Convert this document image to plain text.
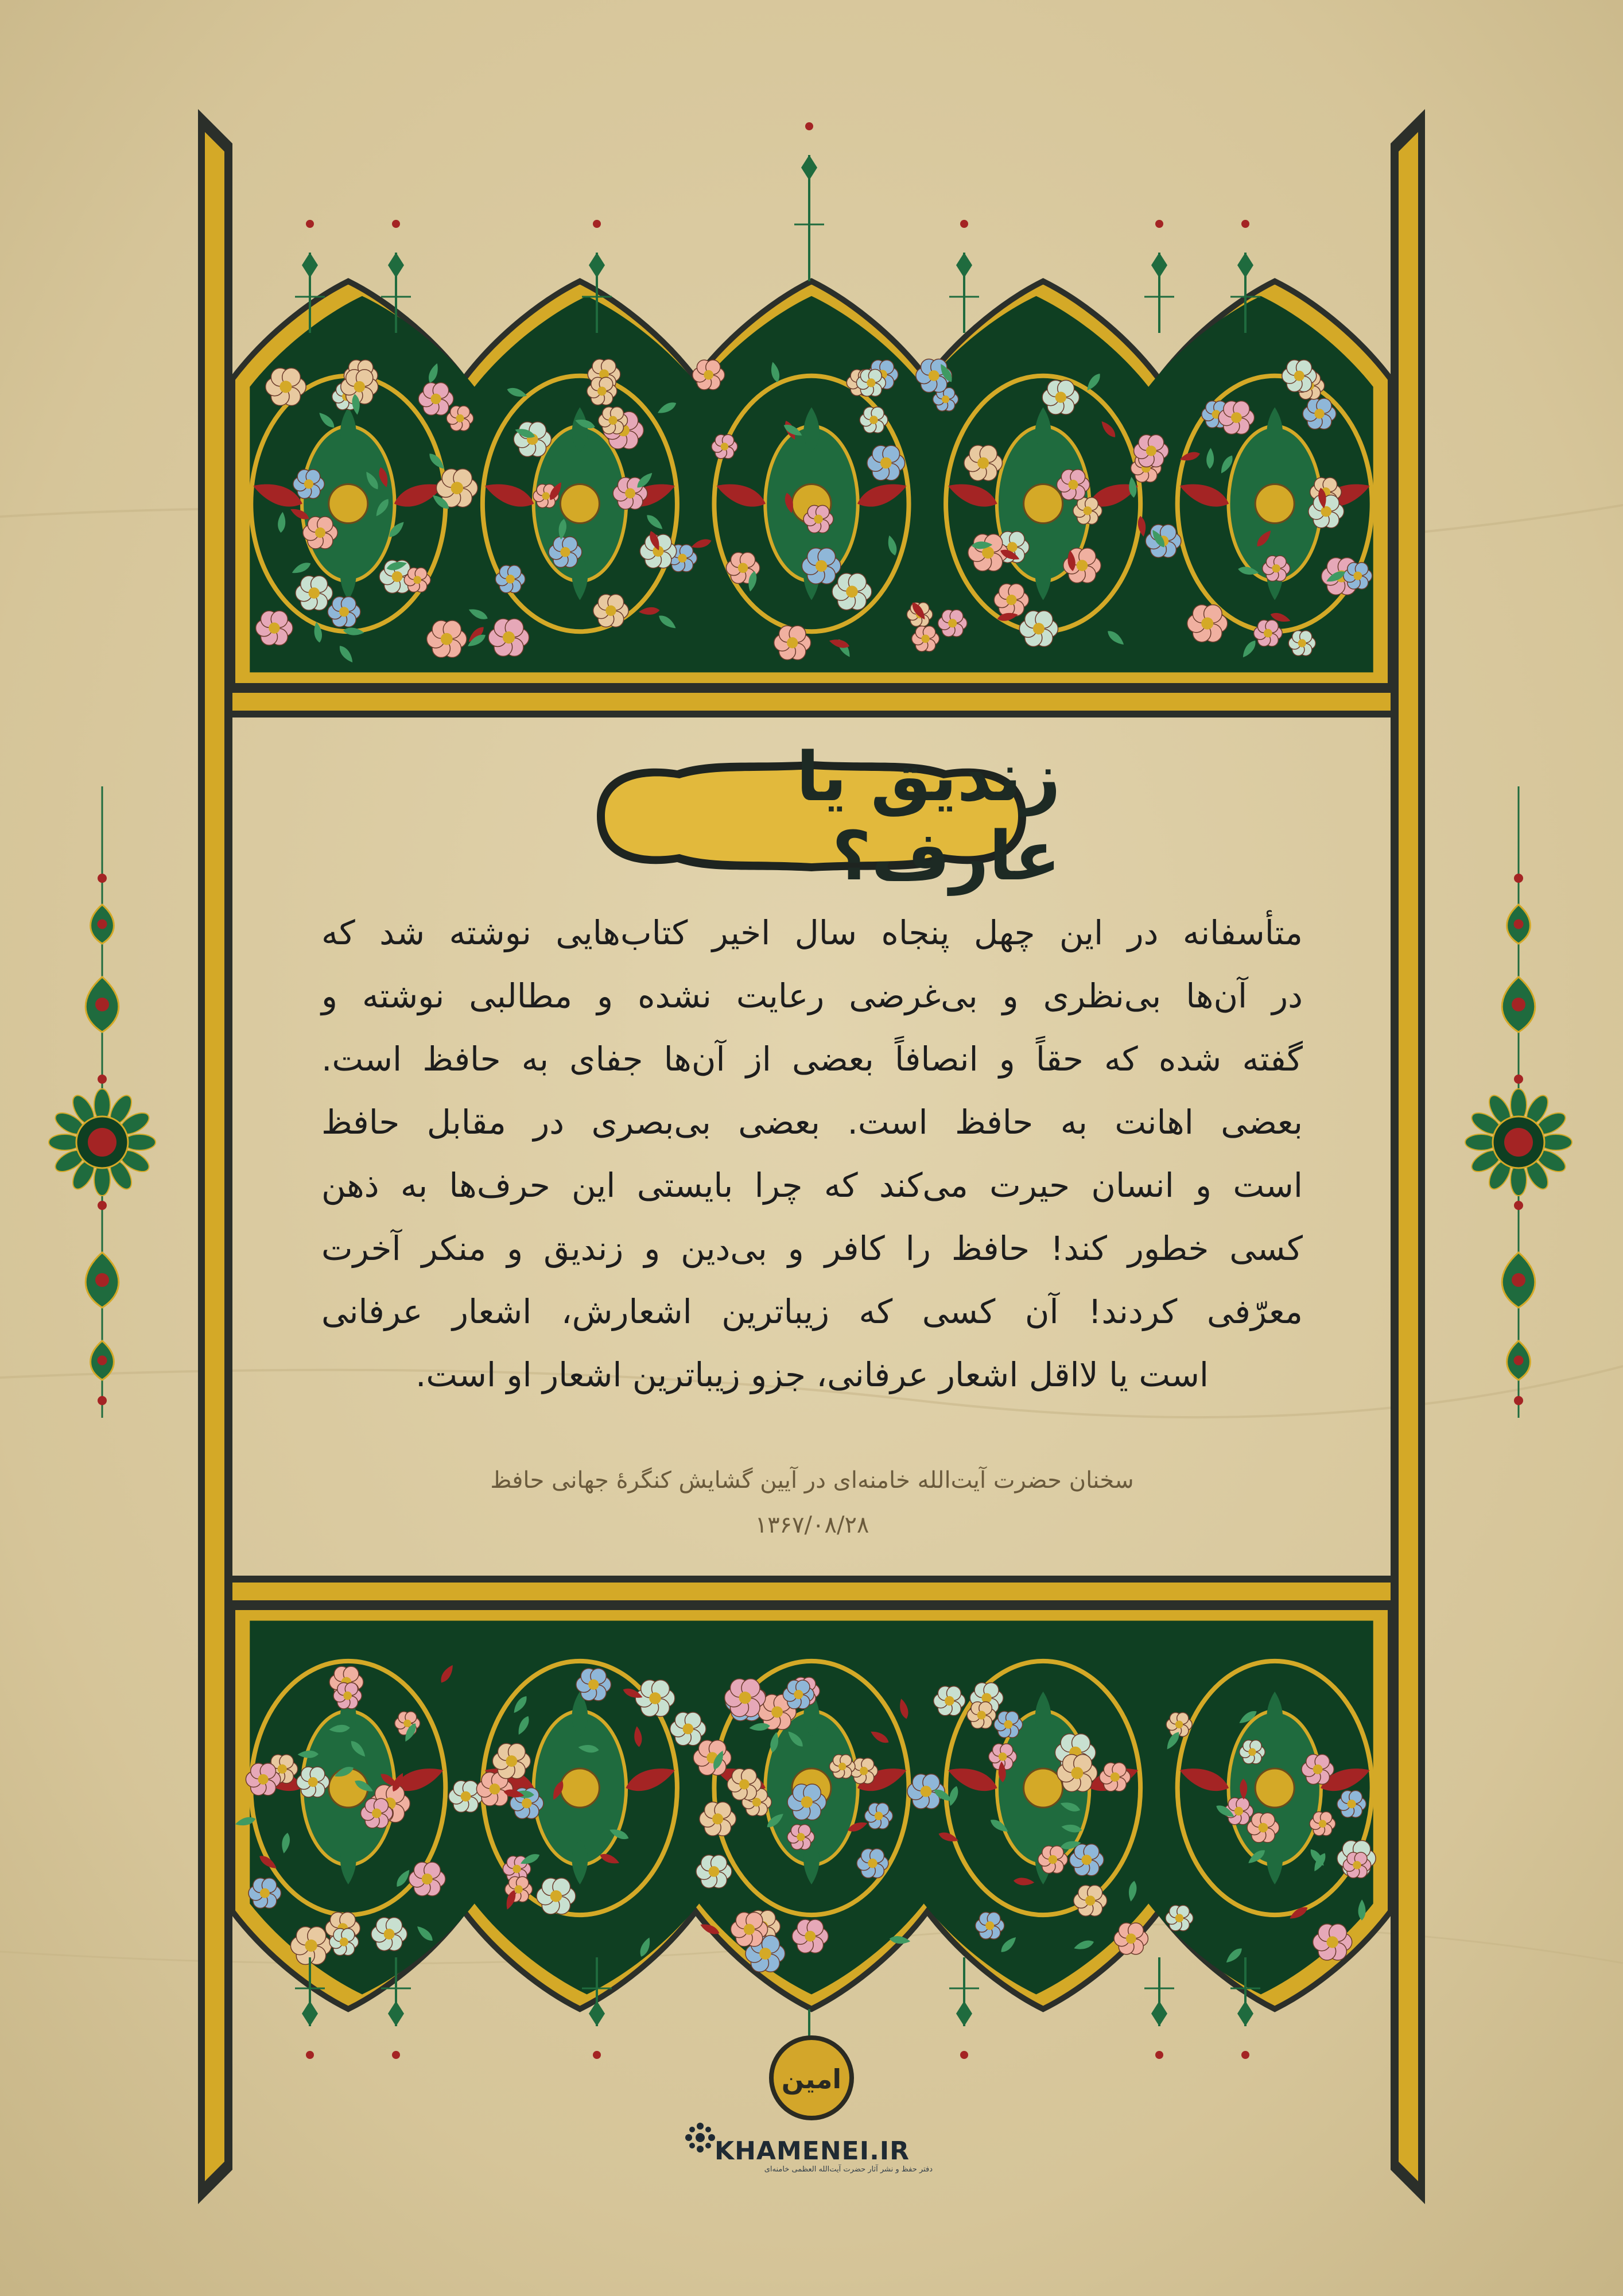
زندیق یا عارف؟
متأسفانه در این چهل پنجاه سال اخیر کتاب‌هایی نوشته شد که
در آن‌ها بی‌نظری و بی‌غرضی رعایت نشده و مطالبی نوشته و
گفته شده که حقاً و انصافاً بعضی از آن‌ها جفای به حافظ است.
بعضی اهانت به حافظ است. بعضی بی‌بصری در مقابل حافظ
است و انسان حیرت می‌کند که چرا بایستی این حرف‌ها به ذهن
کسی خطور کند! حافظ را کافر و بی‌دین و زندیق و منکر آخرت
معرّفی کردند! آن کسی که زیباترین اشعارش، اشعار عرفانی
است یا لااقل اشعار عرفانی، جزو زیباترین اشعار او است.
سخنان حضرت آیت‌الله خامنه‌ای در آیین گشایش کنگرهٔ جهانی حافظ
۱۳۶۷/۰۸/۲۸
امین
KHAMENEI.IR
دفتر حفظ و نشر آثار حضرت آیت‌الله العظمی خامنه‌ای
